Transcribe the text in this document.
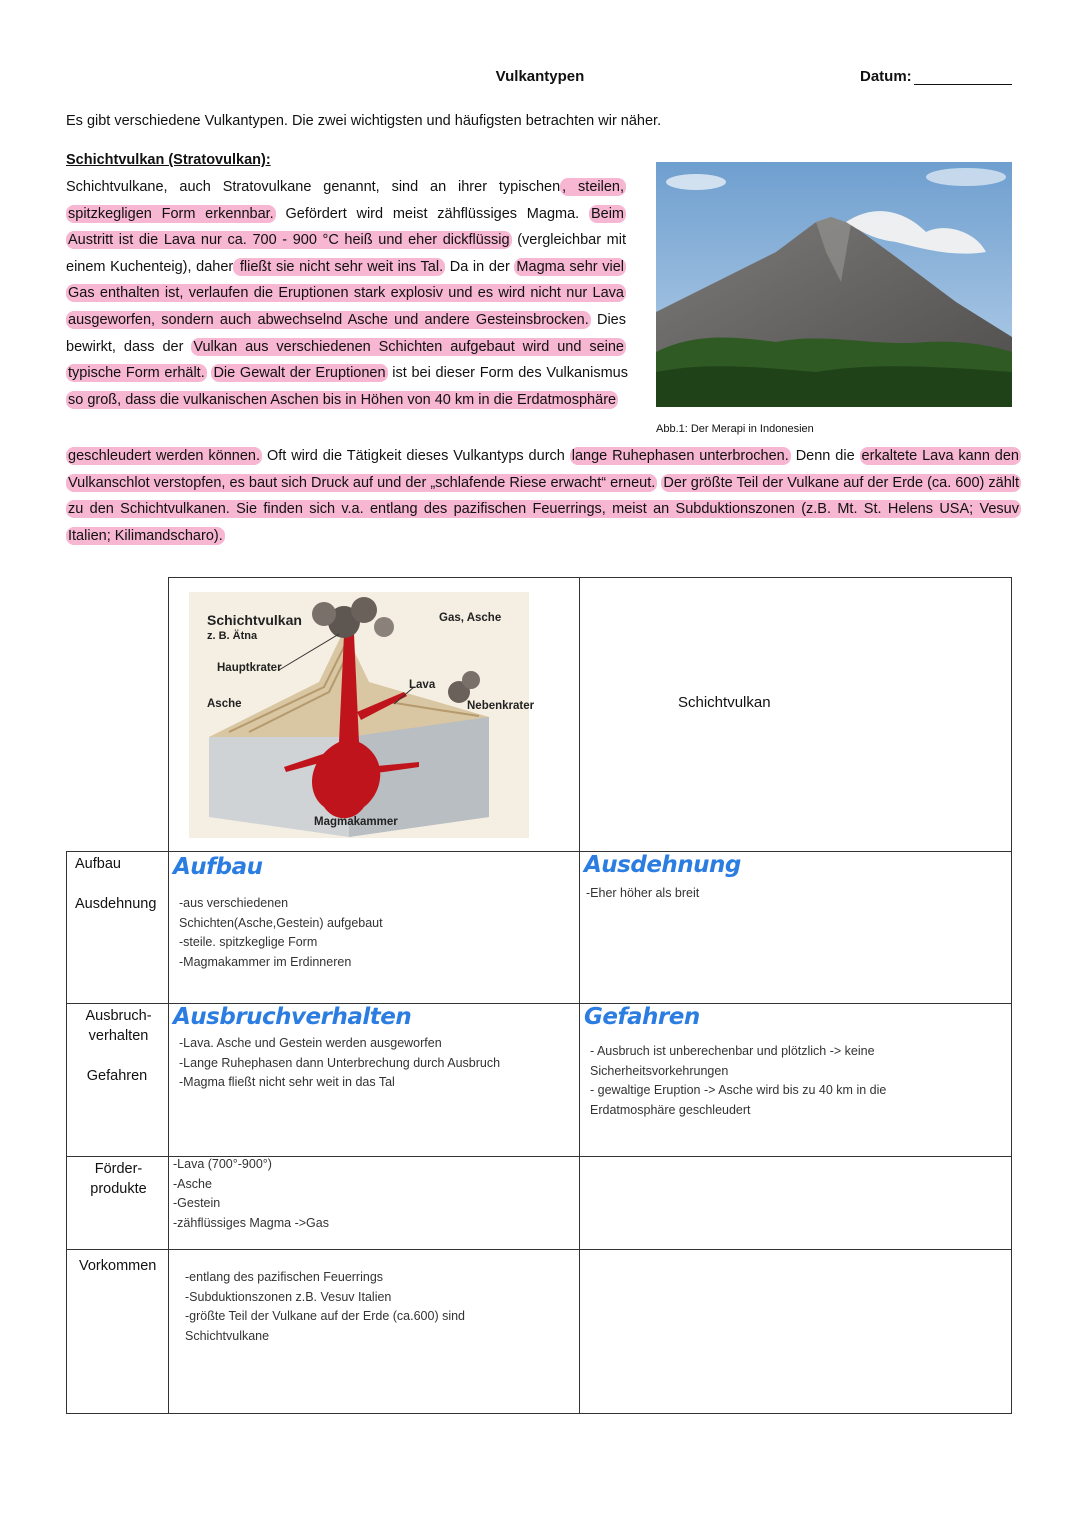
Vulkantypen	Datum:
Es gibt verschiedene Vulkantypen. Die zwei wichtigsten und häufigsten betrachten wir näher.
Schichtvulkan (Stratovulkan):
Schichtvulkane, auch Stratovulkane genannt, sind an ihrer typischen , steilen, spitzkegligen Form erkennbar. Gefördert wird meist zähflüssiges Magma. Beim Austritt ist die Lava nur ca. 700 - 900 °C heiß und eher dickflüssig (vergleichbar mit einem Kuchenteig), daher fließt sie nicht sehr weit ins Tal. Da in der Magma sehr viel Gas enthalten ist, verlaufen die Eruptionen stark explosiv und es wird nicht nur Lava ausgeworfen, sondern auch abwechselnd Asche und andere Gesteinsbrocken. Dies bewirkt, dass der Vulkan aus verschiedenen Schichten aufgebaut wird und seine typische Form erhält. Die Gewalt der Eruptionen ist bei dieser Form des Vulkanismus so groß, dass die vulkanischen Aschen bis in Höhen von 40 km in die Erdatmosphäre
geschleudert werden können. Oft wird die Tätigkeit dieses Vulkantyps durch lange Ruhephasen unterbrochen. Denn die erkaltete Lava kann den Vulkanschlot verstopfen, es baut sich Druck auf und der „schlafende Riese erwacht“ erneut. Der größte Teil der Vulkane auf der Erde (ca. 600) zählt zu den Schichtvulkanen. Sie finden sich v.a. entlang des pazifischen Feuerrings, meist an Subduktionszonen (z.B. Mt. St. Helens USA; Vesuv Italien; Kilimandscharo).
Abb.1: Der Merapi in Indonesien
Schichtvulkan
z. B. Ätna
Gas, Asche
Hauptkrater
Lava
Asche	Nebenkrater
Magmakammer
Schichtvulkan
Aufbau
Ausdehnung
Aufbau
-aus verschiedenen
Schichten(Asche,Gestein) aufgebaut
-steile. spitzkeglige Form
-Magmakammer im Erdinneren
Ausdehnung
-Eher höher als breit
Ausbruch-
verhalten
Gefahren
Ausbruchverhalten
-Lava. Asche und Gestein werden ausgeworfen
-Lange Ruhephasen dann Unterbrechung durch Ausbruch
-Magma fließt nicht sehr weit in das Tal
Gefahren
- Ausbruch ist unberechenbar und plötzlich -> keine
Sicherheitsvorkehrungen
- gewaltige Eruption -> Asche wird bis zu 40 km in die
Erdatmosphäre geschleudert
Förder-
produkte
-Lava (700°-900°)
-Asche
-Gestein
-zähflüssiges Magma ->Gas
Vorkommen
-entlang des pazifischen Feuerrings
-Subduktionszonen z.B. Vesuv Italien
-größte Teil der Vulkane auf der Erde (ca.600) sind
Schichtvulkane
